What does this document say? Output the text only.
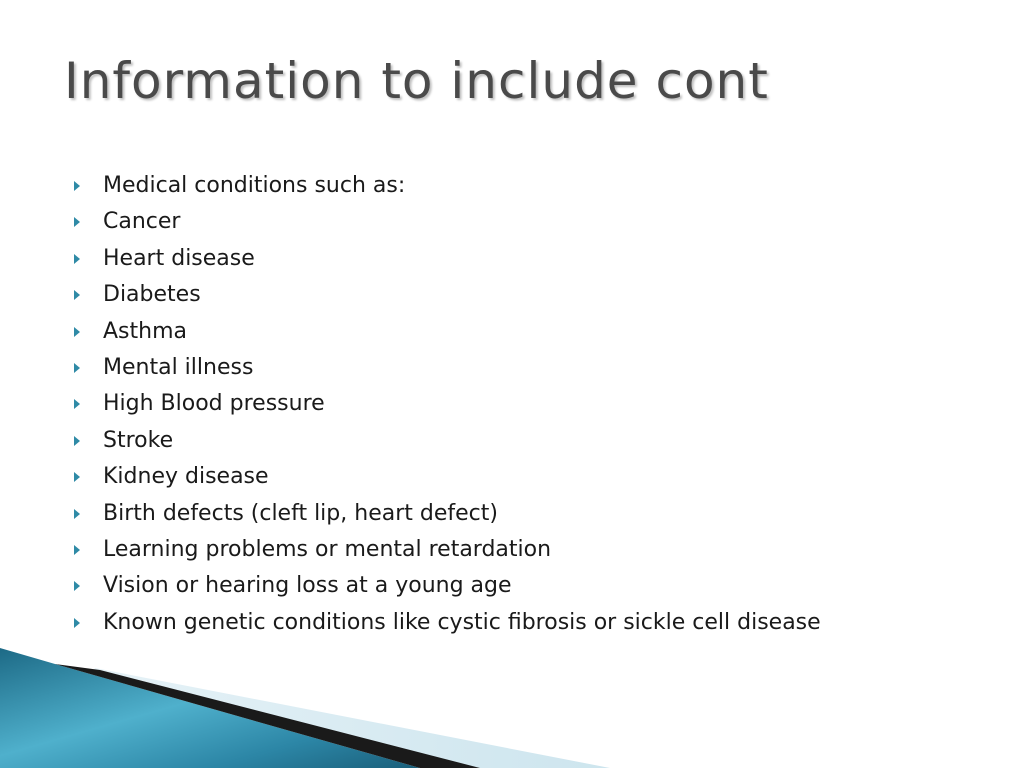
Information to include cont
Medical conditions such as:
Cancer
Heart disease
Diabetes
Asthma
Mental illness
High Blood pressure
Stroke
Kidney disease
Birth defects (cleft lip, heart defect)
Learning problems or mental retardation
Vision or hearing loss at a young age
Known genetic conditions like cystic fibrosis or sickle cell disease
